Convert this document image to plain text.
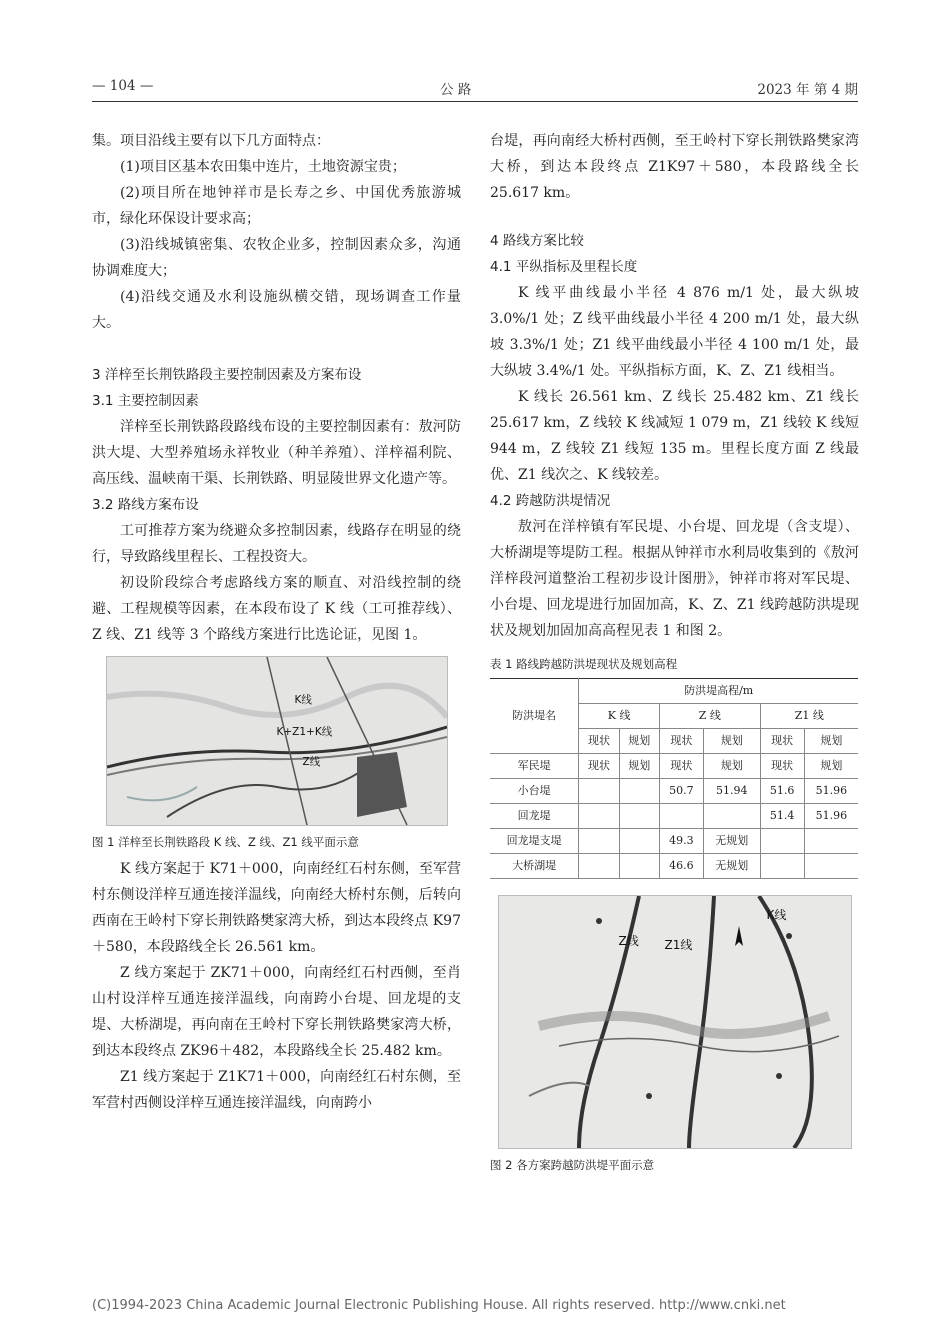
— 104 —	公 路	2023 年 第 4 期

集。项目沿线主要有以下几方面特点：

(1)项目区基本农田集中连片，土地资源宝贵；

(2)项目所在地钟祥市是长寿之乡、中国优秀旅游城市，绿化环保设计要求高；

(3)沿线城镇密集、农牧企业多，控制因素众多，沟通协调难度大；

(4)沿线交通及水利设施纵横交错，现场调查工作量大。

3 洋梓至长荆铁路段主要控制因素及方案布设

3.1 主要控制因素

洋梓至长荆铁路段路线布设的主要控制因素有：敖河防洪大堤、大型养殖场永祥牧业（种羊养殖）、洋梓福利院、高压线、温峡南干渠、长荆铁路、明显陵世界文化遗产等。

3.2 路线方案布设

工可推荐方案为绕避众多控制因素，线路存在明显的绕行，导致路线里程长、工程投资大。

初设阶段综合考虑路线方案的顺直、对沿线控制的绕避、工程规模等因素，在本段布设了 K 线（工可推荐线）、Z 线、Z1 线等 3 个路线方案进行比选论证，见图 1。

K线
K+Z1+K线
Z线

图 1 洋梓至长荆铁路段 K 线、Z 线、Z1 线平面示意

K 线方案起于 K71＋000，向南经红石村东侧，至军营村东侧设洋梓互通连接洋温线，向南经大桥村东侧，后转向西南在王岭村下穿长荆铁路樊家湾大桥，到达本段终点 K97＋580，本段路线全长 26.561 km。

Z 线方案起于 ZK71＋000，向南经红石村西侧，至肖山村设洋梓互通连接洋温线，向南跨小台堤、回龙堤的支堤、大桥湖堤，再向南在王岭村下穿长荆铁路樊家湾大桥，到达本段终点 ZK96＋482，本段路线全长 25.482 km。

Z1 线方案起于 Z1K71＋000，向南经红石村东侧，至军营村西侧设洋梓互通连接洋温线，向南跨小

台堤，再向南经大桥村西侧，至王岭村下穿长荆铁路樊家湾大桥，到达本段终点 Z1K97＋580，本段路线全长 25.617 km。

4 路线方案比较

4.1 平纵指标及里程长度

K 线平曲线最小半径 4 876 m/1 处，最大纵坡 3.0%/1 处；Z 线平曲线最小半径 4 200 m/1 处，最大纵坡 3.3%/1 处；Z1 线平曲线最小半径 4 100 m/1 处，最大纵坡 3.4%/1 处。平纵指标方面，K、Z、Z1 线相当。

K 线长 26.561 km、Z 线长 25.482 km、Z1 线长 25.617 km，Z 线较 K 线减短 1 079 m，Z1 线较 K 线短 944 m，Z 线较 Z1 线短 135 m。里程长度方面 Z 线最优、Z1 线次之、K 线较差。

4.2 跨越防洪堤情况

敖河在洋梓镇有军民堤、小台堤、回龙堤（含支堤）、大桥湖堤等堤防工程。根据从钟祥市水利局收集到的《敖河洋梓段河道整治工程初步设计图册》，钟祥市将对军民堤、小台堤、回龙堤进行加固加高，K、Z、Z1 线跨越防洪堤现状及规划加固加高高程见表 1 和图 2。

表 1 路线跨越防洪堤现状及规划高程

防洪堤名	防洪堤高程/m					
	K 线		Z 线		Z1 线	
	现状	规划	现状	规划	现状	规划
军民堤	现状	规划	现状	规划	现状	规划
小台堤			50.7	51.94	51.6	51.96
回龙堤					51.4	51.96
回龙堤支堤			49.3	无规划		
大桥湖堤			46.6	无规划		
K线
Z线 Z1线

图 2 各方案跨越防洪堤平面示意

(C)1994-2023 China Academic Journal Electronic Publishing House. All rights reserved. http://www.cnki.net
